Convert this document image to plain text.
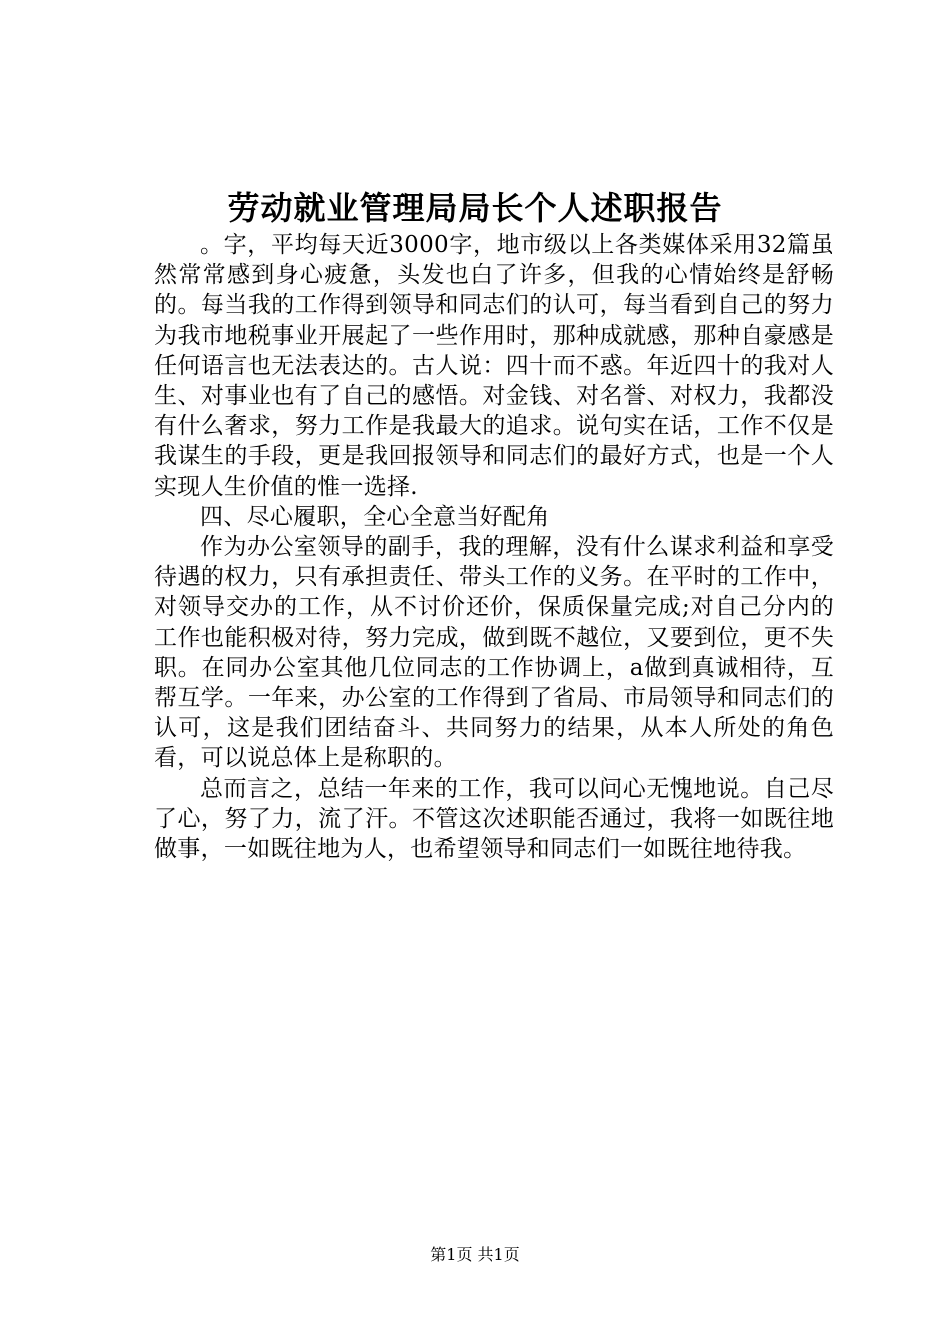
劳动就业管理局局长个人述职报告

。字，平均每天近3000字，地市级以上各类媒体采用32篇虽然常常感到身心疲惫，头发也白了许多，但我的心情始终是舒畅的。每当我的工作得到领导和同志们的认可，每当看到自己的努力为我市地税事业开展起了一些作用时，那种成就感，那种自豪感是任何语言也无法表达的。古人说：四十而不惑。年近四十的我对人生、对事业也有了自己的感悟。对金钱、对名誉、对权力，我都没有什么奢求，努力工作是我最大的追求。说句实在话，工作不仅是我谋生的手段，更是我回报领导和同志们的最好方式，也是一个人实现人生价值的惟一选择.

四、尽心履职，全心全意当好配角

作为办公室领导的副手，我的理解，没有什么谋求利益和享受待遇的权力，只有承担责任、带头工作的义务。在平时的工作中，对领导交办的工作，从不讨价还价，保质保量完成;对自己分内的工作也能积极对待，努力完成，做到既不越位，又要到位，更不失职。在同办公室其他几位同志的工作协调上，a做到真诚相待，互帮互学。一年来，办公室的工作得到了省局、市局领导和同志们的认可，这是我们团结奋斗、共同努力的结果，从本人所处的角色看，可以说总体上是称职的。

总而言之，总结一年来的工作，我可以问心无愧地说。自己尽了心，努了力，流了汗。不管这次述职能否通过，我将一如既往地做事，一如既往地为人，也希望领导和同志们一如既往地待我。

第1页 共1页
